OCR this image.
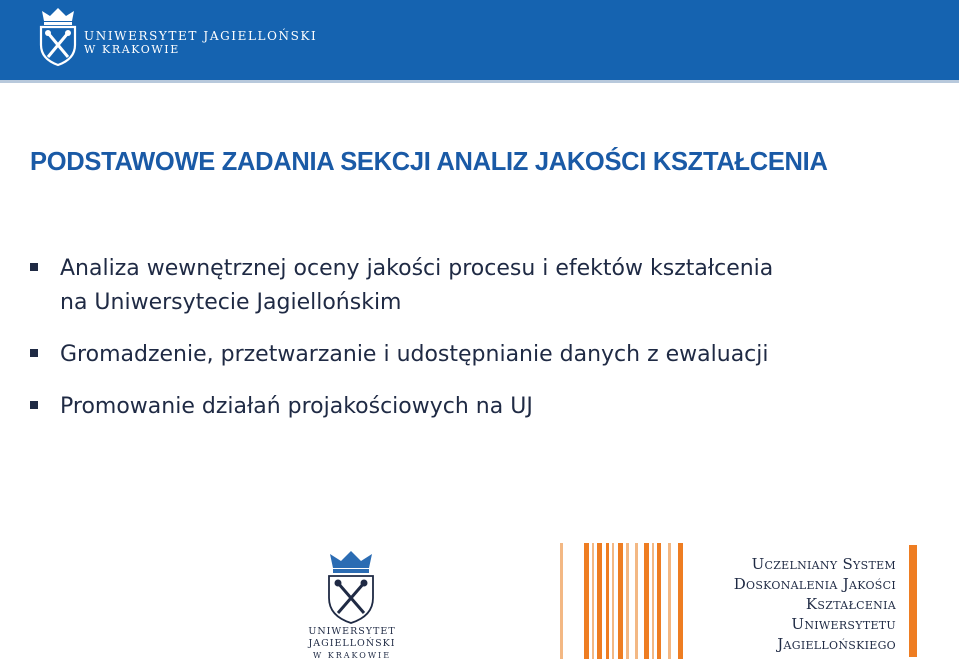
UNIWERSYTET JAGIELLOŃSKI
W KRAKOWIE
PODSTAWOWE ZADANIA SEKCJI ANALIZ JAKOŚCI KSZTAŁCENIA
Analiza wewnętrznej oceny jakości procesu i efektów kształcenia
na Uniwersytecie Jagiellońskim
Gromadzenie, przetwarzanie i udostępnianie danych z ewaluacji
Promowanie działań projakościowych na UJ
UNIWERSYTET
JAGIELLOŃSKI
W KRAKOWIE
Uczelniany System
Doskonalenia Jakości
Kształcenia
Uniwersytetu
Jagiellońskiego
